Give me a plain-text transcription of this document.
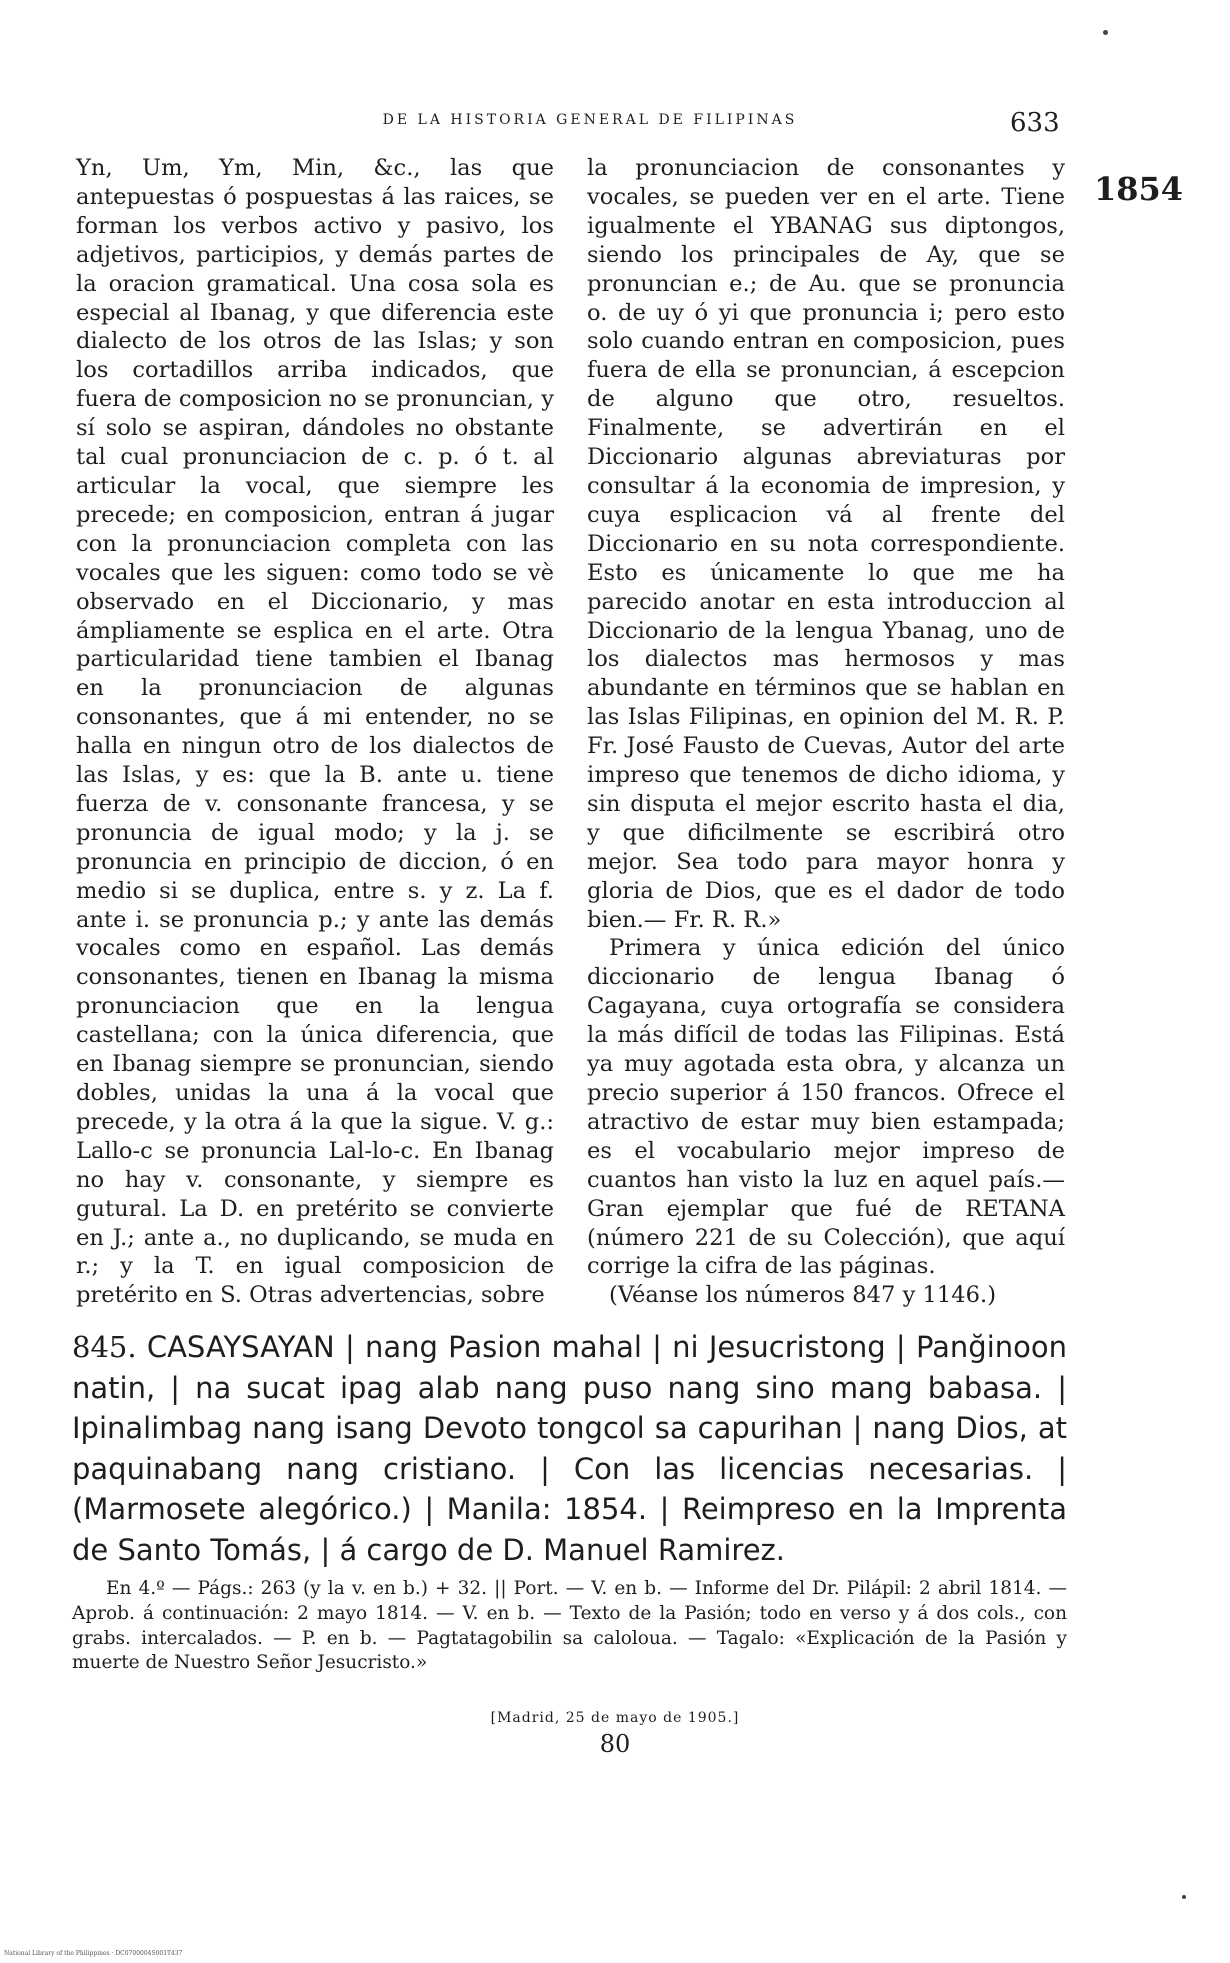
DE LA HISTORIA GENERAL DE FILIPINAS	633
1854

Yn, Um, Ym, Min, &c., las que antepuestas ó pospuestas á las raices, se forman los verbos activo y pasivo, los adjetivos, participios, y demás partes de la oracion gramatical. Una cosa sola es especial al Ibanag, y que diferencia este dialecto de los otros de las Islas; y son los cortadillos arriba indicados, que fuera de composicion no se pronuncian, y sí solo se aspiran, dándoles no obstante tal cual pronunciacion de c. p. ó t. al articular la vocal, que siempre les precede; en composicion, entran á jugar con la pronunciacion completa con las vocales que les siguen: como todo se vè observado en el Diccionario, y mas ámpliamente se esplica en el arte. Otra particularidad tiene tambien el Ibanag en la pronunciacion de algunas consonantes, que á mi entender, no se halla en ningun otro de los dialectos de las Islas, y es: que la B. ante u. tiene fuerza de v. consonante francesa, y se pronuncia de igual modo; y la j. se pronuncia en principio de diccion, ó en medio si se duplica, entre s. y z. La f. ante i. se pronuncia p.; y ante las demás vocales como en español. Las demás consonantes, tienen en Ibanag la misma pronunciacion que en la lengua castellana; con la única diferencia, que en Ibanag siempre se pronuncian, siendo dobles, unidas la una á la vocal que precede, y la otra á la que la sigue. V. g.: Lallo-c se pronuncia Lal-lo-c. En Ibanag no hay v. consonante, y siempre es gutural. La D. en pretérito se convierte en J.; ante a., no duplicando, se muda en r.; y la T. en igual composicion de pretérito en S. Otras advertencias, sobre

la pronunciacion de consonantes y vocales, se pueden ver en el arte. Tiene igualmente el YBANAG sus diptongos, siendo los principales de Ay, que se pronuncian e.; de Au. que se pronuncia o. de uy ó yi que pronuncia i; pero esto solo cuando entran en composicion, pues fuera de ella se pronuncian, á escepcion de alguno que otro, resueltos. Finalmente, se advertirán en el Diccionario algunas abreviaturas por consultar á la economia de impresion, y cuya esplicacion vá al frente del Diccionario en su nota correspondiente. Esto es únicamente lo que me ha parecido anotar en esta introduccion al Diccionario de la lengua Ybanag, uno de los dialectos mas hermosos y mas abundante en términos que se hablan en las Islas Filipinas, en opinion del M. R. P. Fr. José Fausto de Cuevas, Autor del arte impreso que tenemos de dicho idioma, y sin disputa el mejor escrito hasta el dia, y que dificilmente se escribirá otro mejor. Sea todo para mayor honra y gloria de Dios, que es el dador de todo bien.— Fr. R. R.»

Primera y única edición del único diccionario de lengua Ibanag ó Cagayana, cuya ortografía se considera la más difícil de todas las Filipinas. Está ya muy agotada esta obra, y alcanza un precio superior á 150 francos. Ofrece el atractivo de estar muy bien estampada; es el vocabulario mejor impreso de cuantos han visto la luz en aquel país.— Gran ejemplar que fué de RETANA (número 221 de su Colección), que aquí corrige la cifra de las páginas.

(Véanse los números 847 y 1146.)

845. CASAYSAYAN | nang Pasion mahal | ni Jesucristong | Panğinoon natin, | na sucat ipag alab nang puso nang sino mang babasa. | Ipinalimbag nang isang Devoto tongcol sa capurihan | nang Dios, at paquinabang nang cristiano. | Con las licencias necesarias. | (Marmosete alegórico.) | Manila: 1854. | Reimpreso en la Imprenta de Santo Tomás, | á cargo de D. Manuel Ramirez.

En 4.º — Págs.: 263 (y la v. en b.) + 32. || Port. — V. en b. — Informe del Dr. Pilápil: 2 abril 1814. — Aprob. á continuación: 2 mayo 1814. — V. en b. — Texto de la Pasión; todo en verso y á dos cols., con grabs. intercalados. — P. en b. — Pagtatagobilin sa caloloua. — Tagalo: «Explicación de la Pasión y muerte de Nuestro Señor Jesucristo.»

[Madrid, 25 de mayo de 1905.]
80
National Library of the Philippines · DC0700004S001T437
